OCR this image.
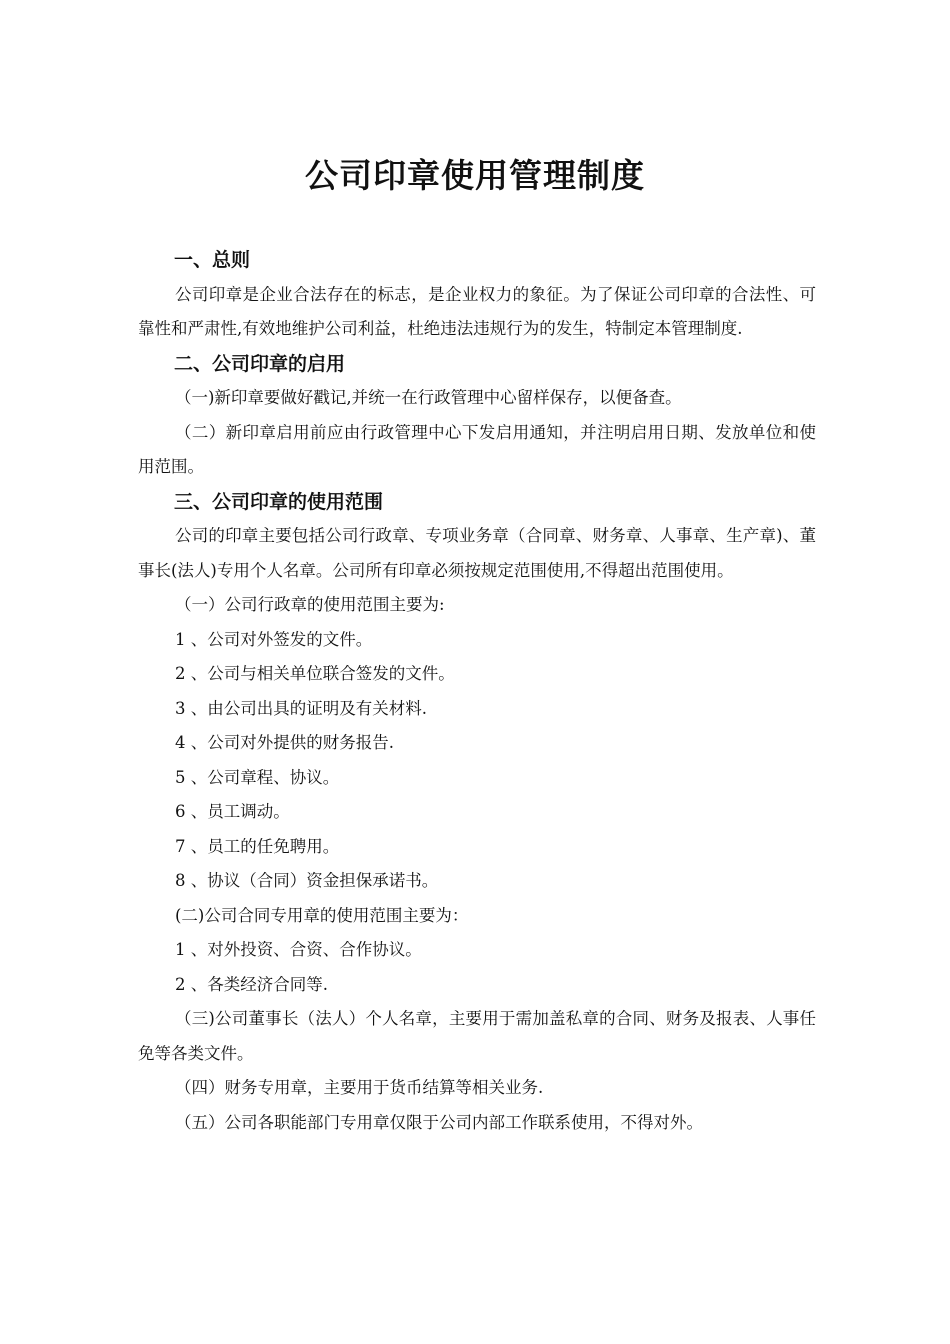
公司印章使用管理制度
一、总则

公司印章是企业合法存在的标志，是企业权力的象征。为了保证公司印章的合法性、可靠性和严肃性,有效地维护公司利益，杜绝违法违规行为的发生，特制定本管理制度.

二、公司印章的启用

（一)新印章要做好戳记,并统一在行政管理中心留样保存，以便备查。

（二）新印章启用前应由行政管理中心下发启用通知，并注明启用日期、发放单位和使用范围。

三、公司印章的使用范围

公司的印章主要包括公司行政章、专项业务章（合同章、财务章、人事章、生产章)、董事长(法人)专用个人名章。公司所有印章必须按规定范围使用,不得超出范围使用。

（一）公司行政章的使用范围主要为:

1 、公司对外签发的文件。

2 、公司与相关单位联合签发的文件。

3 、由公司出具的证明及有关材料.

4 、公司对外提供的财务报告.

5 、公司章程、协议。

6 、员工调动。

7 、员工的任免聘用。

8 、协议（合同）资金担保承诺书。

(二)公司合同专用章的使用范围主要为：

1 、对外投资、合资、合作协议。

2 、各类经济合同等.

（三)公司董事长（法人）个人名章，主要用于需加盖私章的合同、财务及报表、人事任免等各类文件。

（四）财务专用章，主要用于货币结算等相关业务.

（五）公司各职能部门专用章仅限于公司内部工作联系使用，不得对外。
